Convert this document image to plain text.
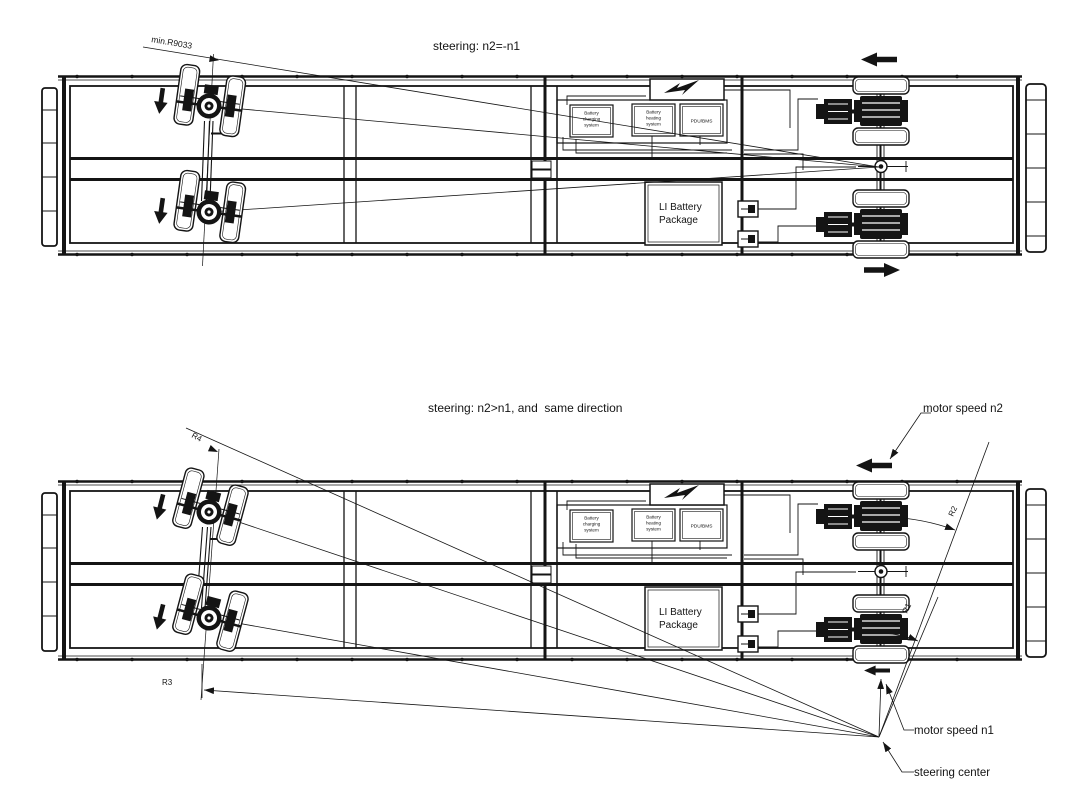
steering: n2=-n1
min.R9033
steering: n2>n1, and  same direction
R4
R3
R1
R2
motor speed n2
motor speed n1
steering center
